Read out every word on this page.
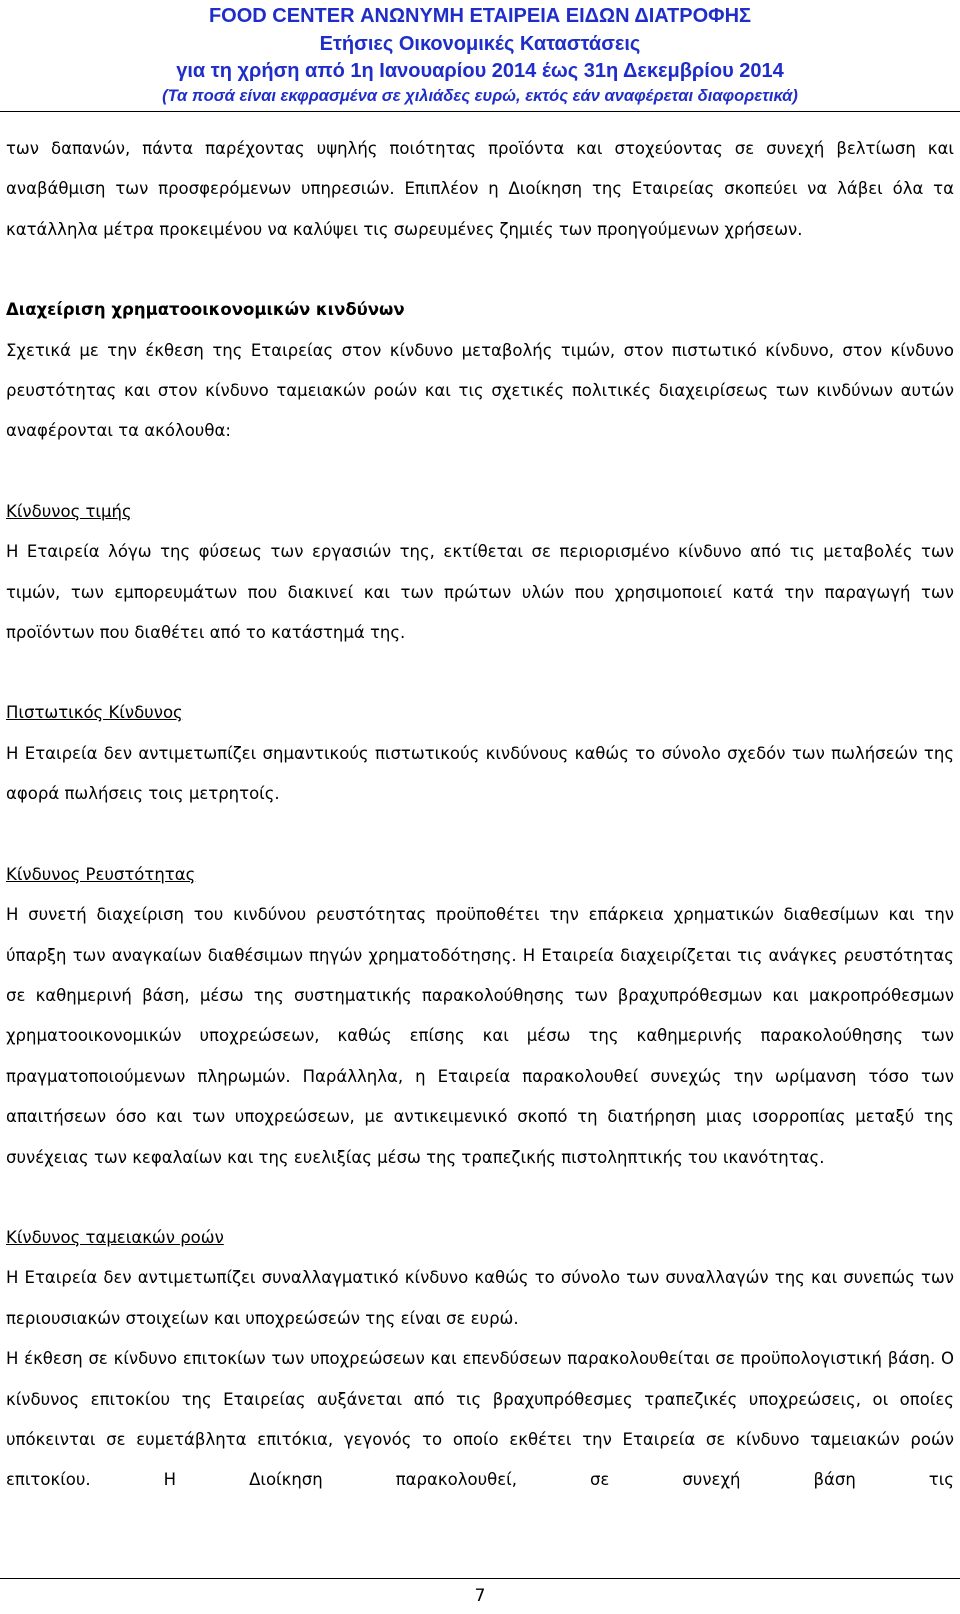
FOOD CENTER ΑΝΩΝΥΜΗ ΕΤΑΙΡΕΙΑ ΕΙΔΩΝ ΔΙΑΤΡΟΦΗΣ

Ετήσιες Οικονομικές Καταστάσεις

για τη χρήση από 1η Ιανουαρίου 2014 έως 31η Δεκεμβρίου 2014

(Τα ποσά είναι εκφρασμένα σε χιλιάδες ευρώ, εκτός εάν αναφέρεται διαφορετικά)

των δαπανών, πάντα παρέχοντας υψηλής ποιότητας προϊόντα και στοχεύοντας σε συνεχή βελτίωση και αναβάθμιση των προσφερόμενων υπηρεσιών. Επιπλέον η Διοίκηση της Εταιρείας σκοπεύει να λάβει όλα τα κατάλληλα μέτρα προκειμένου να καλύψει τις σωρευμένες ζημιές των προηγούμενων χρήσεων.

Διαχείριση χρηματοοικονομικών κινδύνων

Σχετικά με την έκθεση της Εταιρείας στον κίνδυνο μεταβολής τιμών, στον πιστωτικό κίνδυνο, στον κίνδυνο ρευστότητας και στον κίνδυνο ταμειακών ροών και τις σχετικές πολιτικές διαχειρίσεως των κινδύνων αυτών αναφέρονται τα ακόλουθα:

Κίνδυνος τιμής

Η Εταιρεία λόγω της φύσεως των εργασιών της, εκτίθεται σε περιορισμένο κίνδυνο από τις μεταβολές των τιμών, των εμπορευμάτων που διακινεί και των πρώτων υλών που χρησιμοποιεί κατά την παραγωγή των προϊόντων που διαθέτει από το κατάστημά της.

Πιστωτικός Κίνδυνος

Η Εταιρεία δεν αντιμετωπίζει σημαντικούς πιστωτικούς κινδύνους καθώς το σύνολο σχεδόν των πωλήσεών της αφορά πωλήσεις τοις μετρητοίς.

Κίνδυνος Ρευστότητας

Η συνετή διαχείριση του κινδύνου ρευστότητας προϋποθέτει την επάρκεια χρηματικών διαθεσίμων και την ύπαρξη των αναγκαίων διαθέσιμων πηγών χρηματοδότησης. Η Εταιρεία διαχειρίζεται τις ανάγκες ρευστότητας σε καθημερινή βάση, μέσω της συστηματικής παρακολούθησης των βραχυπρόθεσμων και μακροπρόθεσμων χρηματοοικονομικών υποχρεώσεων, καθώς επίσης και μέσω της καθημερινής παρακολούθησης των πραγματοποιούμενων πληρωμών. Παράλληλα, η Εταιρεία παρακολουθεί συνεχώς την ωρίμανση τόσο των απαιτήσεων όσο και των υποχρεώσεων, με αντικειμενικό σκοπό τη διατήρηση μιας ισορροπίας μεταξύ της συνέχειας των κεφαλαίων και της ευελιξίας μέσω της τραπεζικής πιστοληπτικής του ικανότητας.

Κίνδυνος ταμειακών ροών

Η Εταιρεία δεν αντιμετωπίζει συναλλαγματικό κίνδυνο καθώς το σύνολο των συναλλαγών της και συνεπώς των περιουσιακών στοιχείων και υποχρεώσεών της είναι σε ευρώ.

Η έκθεση σε κίνδυνο επιτοκίων των υποχρεώσεων και επενδύσεων παρακολουθείται σε προϋπολογιστική βάση. Ο κίνδυνος επιτοκίου της Εταιρείας αυξάνεται από τις βραχυπρόθεσμες τραπεζικές υποχρεώσεις, οι οποίες υπόκεινται σε ευμετάβλητα επιτόκια, γεγονός το οποίο εκθέτει την Εταιρεία σε κίνδυνο ταμειακών ροών επιτοκίου. Η Διοίκηση παρακολουθεί, σε συνεχή βάση τις

7
